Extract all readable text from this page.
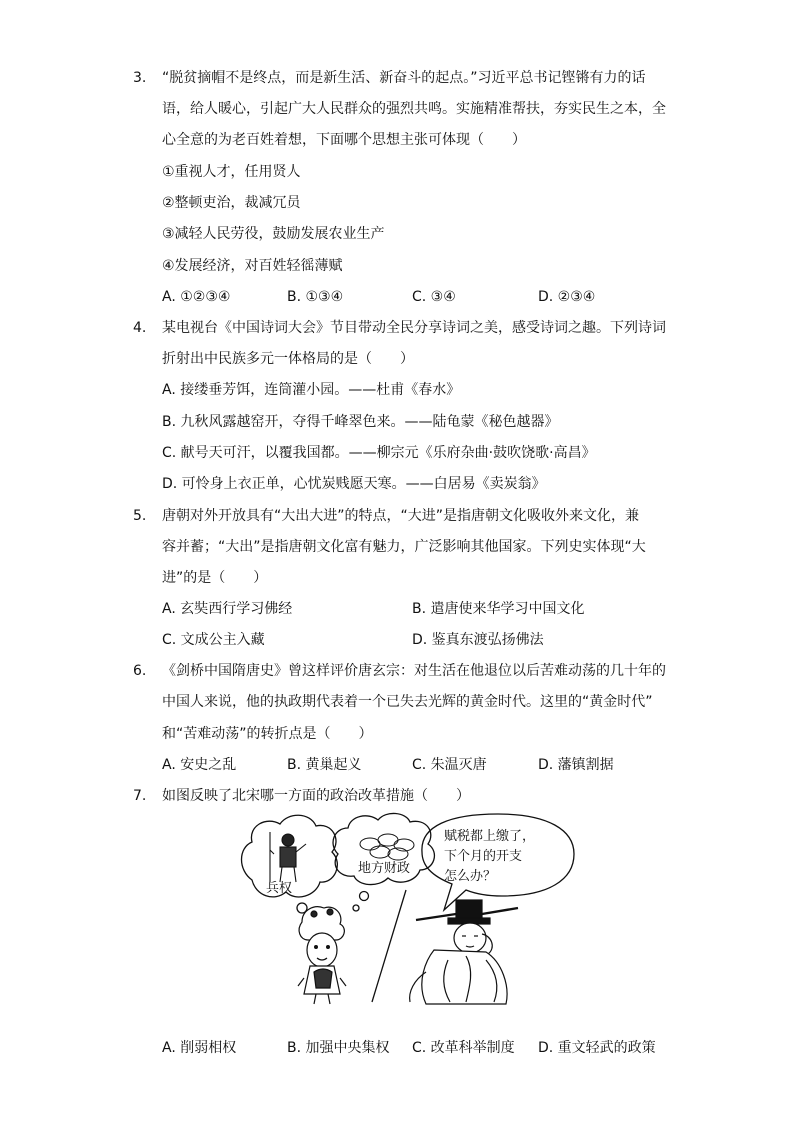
3. “脱贫摘帽不是终点，而是新生活、新奋斗的起点。”习近平总书记铿锵有力的话
语，给人暖心，引起广大人民群众的强烈共鸣。实施精准帮扶，夯实民生之本，全
心全意的为老百姓着想，下面哪个思想主张可体现（　　）
①重视人才，任用贤人
②整顿吏治，裁减冗员
③减轻人民劳役，鼓励发展农业生产
④发展经济，对百姓轻徭薄赋
A. ①②③④	B. ①③④	C. ③④	D. ②③④
4. 某电视台《中国诗词大会》节目带动全民分享诗词之美，感受诗词之趣。下列诗词
折射出中民族多元一体格局的是（　　）
A. 接缕垂芳饵，连筒灌小园。——杜甫《春水》
B. 九秋风露越窑开，夺得千峰翠色来。——陆龟蒙《秘色越器》
C. 献号天可汗，以覆我国都。——柳宗元《乐府杂曲·鼓吹饶歌·高昌》
D. 可怜身上衣正单，心忧炭贱愿天寒。——白居易《卖炭翁》
5. 唐朝对外开放具有“大出大进”的特点，“大进”是指唐朝文化吸收外来文化，兼
容并蓄；“大出”是指唐朝文化富有魅力，广泛影响其他国家。下列史实体现“大
进”的是（　　）
A. 玄奘西行学习佛经	B. 遣唐使来华学习中国文化
C. 文成公主入藏	D. 鉴真东渡弘扬佛法
6. 《剑桥中国隋唐史》曾这样评价唐玄宗：对生活在他退位以后苦难动荡的几十年的
中国人来说，他的执政期代表着一个已失去光辉的黄金时代。这里的“黄金时代”
和“苦难动荡”的转折点是（　　）
A. 安史之乱	B. 黄巢起义	C. 朱温灭唐	D. 藩镇割据
7. 如图反映了北宋哪一方面的政治改革措施（　　）
兵权
地方财政
赋税都上缴了，
下个月的开支
怎么办？
A. 削弱相权	B. 加强中央集权 C. 改革科举制度 D. 重文轻武的政策
